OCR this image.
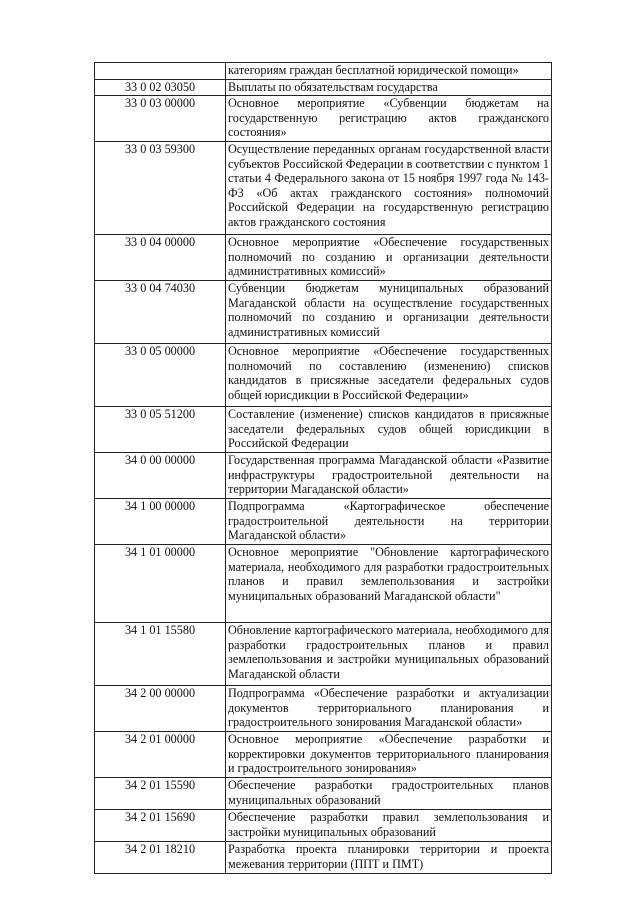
	категориям граждан бесплатной юридической помощи»
33 0 02 03050	Выплаты по обязательствам государства
33 0 03 00000	Основное мероприятие «Субвенции бюджетам на государственную регистрацию актов гражданского состояния»
33 0 03 59300	Осуществление переданных органам государственной власти субъектов Российской Федерации в соответствии с пунктом 1 статьи 4 Федерального закона от 15 ноября 1997 года № 143-ФЗ «Об актах гражданского состояния» полномочий Российской Федерации на государственную регистрацию актов гражданского состояния
33 0 04 00000	Основное мероприятие «Обеспечение государственных полномочий по созданию и организации деятельности административных комиссий»
33 0 04 74030	Субвенции бюджетам муниципальных образований Магаданской области на осуществление государственных полномочий по созданию и организации деятельности административных комиссий
33 0 05 00000	Основное мероприятие «Обеспечение государственных полномочий по составлению (изменению) списков кандидатов в присяжные заседатели федеральных судов общей юрисдикции в Российской Федерации»
33 0 05 51200	Составление (изменение) списков кандидатов в присяжные заседатели федеральных судов общей юрисдикции в Российской Федерации
34 0 00 00000	Государственная программа Магаданской области «Развитие инфраструктуры градостроительной деятельности на территории Магаданской области»
34 1 00 00000	Подпрограмма «Картографическое обеспечение градостроительной деятельности на территории Магаданской области»
34 1 01 00000	Основное мероприятие "Обновление картографического материала, необходимого для разработки градостроительных планов и правил землепользования и застройки муниципальных образований Магаданской области"
34 1 01 15580	Обновление картографического материала, необходимого для разработки градостроительных планов и правил землепользования и застройки муниципальных образований Магаданской области
34 2 00 00000	Подпрограмма «Обеспечение разработки и актуализации документов территориального планирования и градостроительного зонирования Магаданской области»
34 2 01 00000	Основное мероприятие «Обеспечение разработки и корректировки документов территориального планирования и градостроительного зонирования»
34 2 01 15590	Обеспечение разработки градостроительных планов муниципальных образований
34 2 01 15690	Обеспечение разработки правил землепользования и застройки муниципальных образований
34 2 01 18210	Разработка проекта планировки территории и проекта межевания территории (ППТ и ПМТ)
